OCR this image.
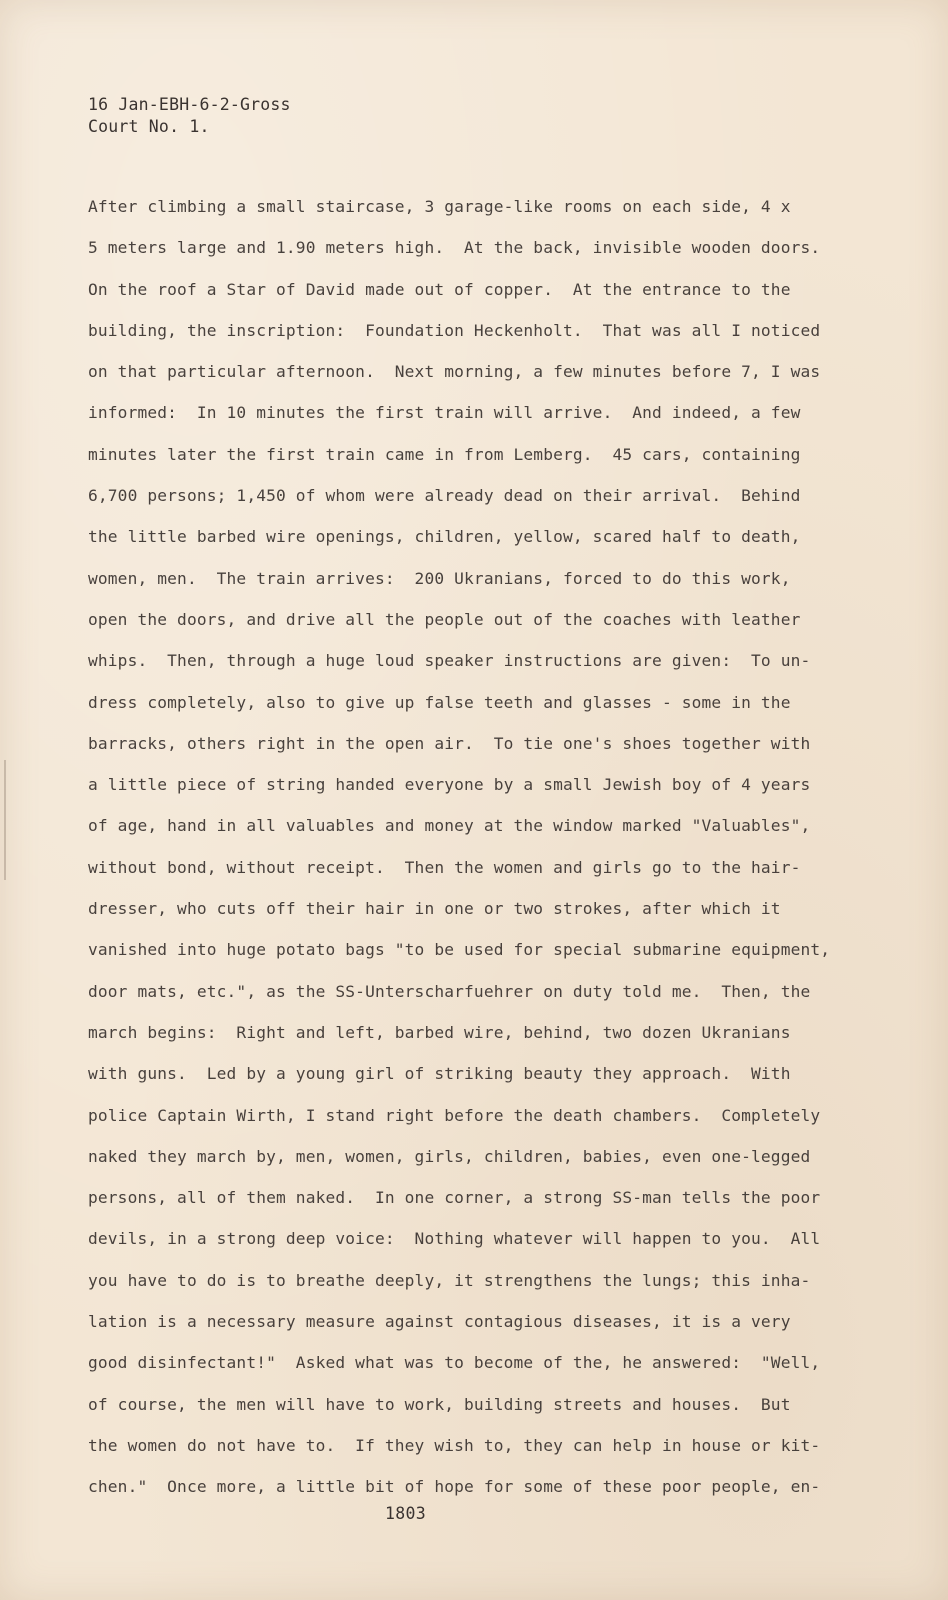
16 Jan-EBH-6-2-Gross
Court No. 1.
After climbing a small staircase, 3 garage-like rooms on each side, 4 x
5 meters large and 1.90 meters high.  At the back, invisible wooden doors.
On the roof a Star of David made out of copper.  At the entrance to the
building, the inscription:  Foundation Heckenholt.  That was all I noticed
on that particular afternoon.  Next morning, a few minutes before 7, I was
informed:  In 10 minutes the first train will arrive.  And indeed, a few
minutes later the first train came in from Lemberg.  45 cars, containing
6,700 persons; 1,450 of whom were already dead on their arrival.  Behind
the little barbed wire openings, children, yellow, scared half to death,
women, men.  The train arrives:  200 Ukranians, forced to do this work,
open the doors, and drive all the people out of the coaches with leather
whips.  Then, through a huge loud speaker instructions are given:  To un-
dress completely, also to give up false teeth and glasses - some in the
barracks, others right in the open air.  To tie one's shoes together with
a little piece of string handed everyone by a small Jewish boy of 4 years
of age, hand in all valuables and money at the window marked "Valuables",
without bond, without receipt.  Then the women and girls go to the hair-
dresser, who cuts off their hair in one or two strokes, after which it
vanished into huge potato bags "to be used for special submarine equipment,
door mats, etc.", as the SS-Unterscharfuehrer on duty told me.  Then, the
march begins:  Right and left, barbed wire, behind, two dozen Ukranians
with guns.  Led by a young girl of striking beauty they approach.  With
police Captain Wirth, I stand right before the death chambers.  Completely
naked they march by, men, women, girls, children, babies, even one-legged
persons, all of them naked.  In one corner, a strong SS-man tells the poor
devils, in a strong deep voice:  Nothing whatever will happen to you.  All
you have to do is to breathe deeply, it strengthens the lungs; this inha-
lation is a necessary measure against contagious diseases, it is a very
good disinfectant!"  Asked what was to become of the, he answered:  "Well,
of course, the men will have to work, building streets and houses.  But
the women do not have to.  If they wish to, they can help in house or kit-
chen."  Once more, a little bit of hope for some of these poor people, en-
1803
